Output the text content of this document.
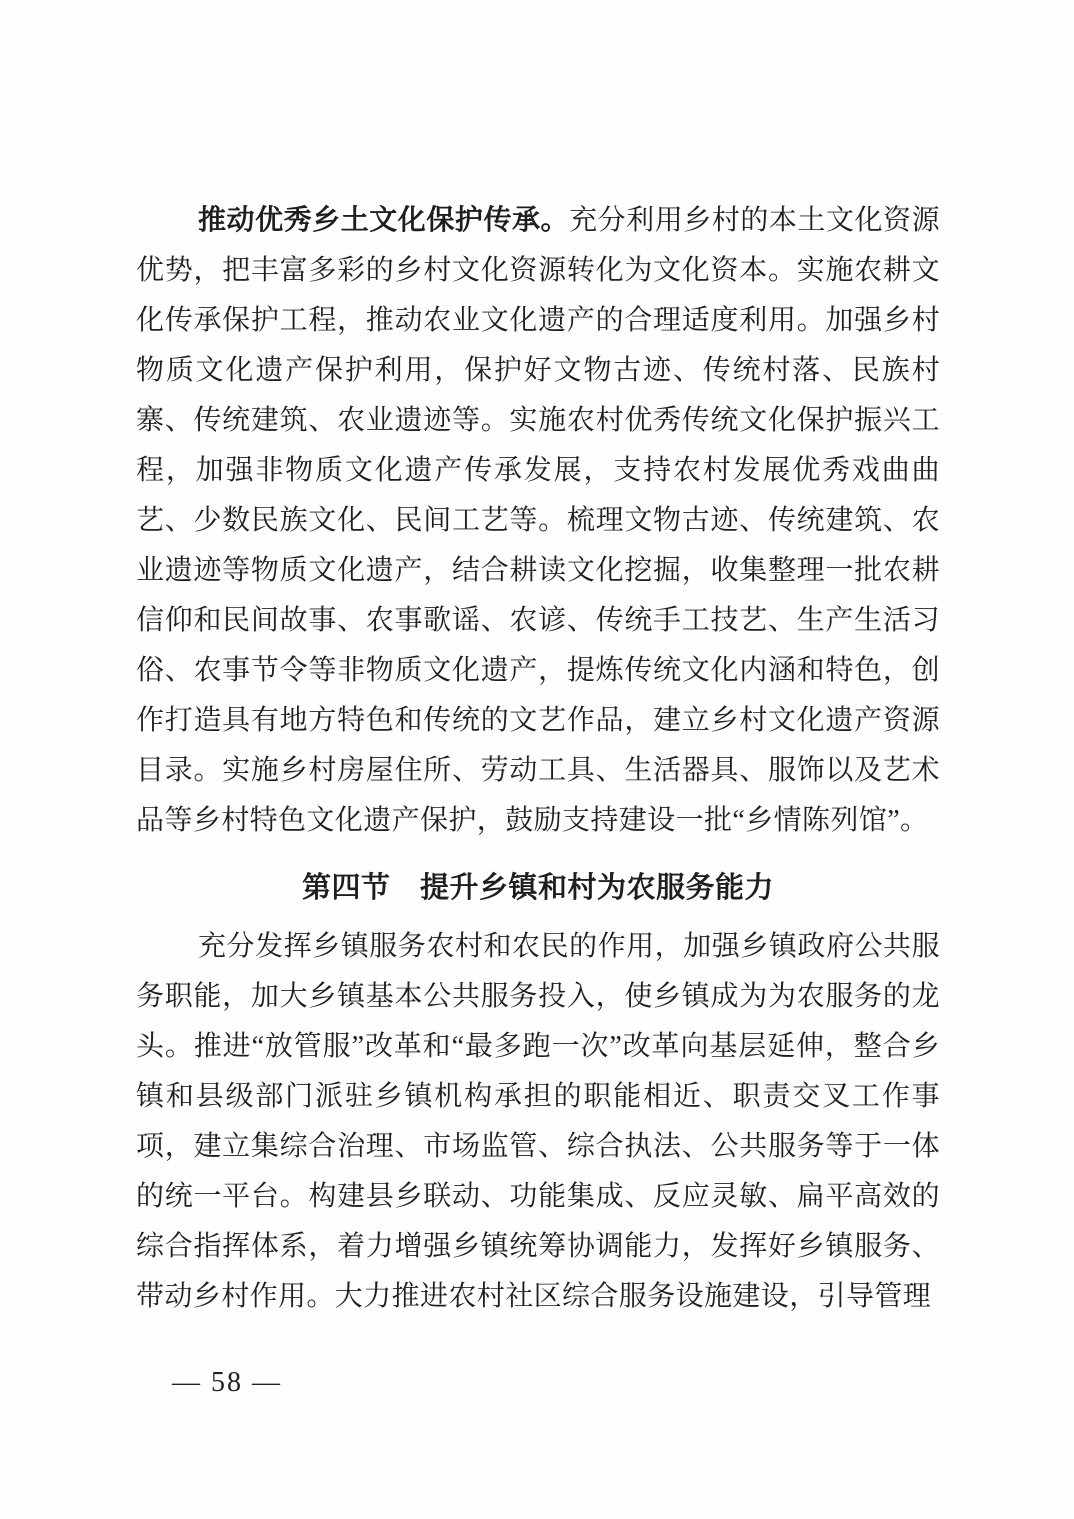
推动优秀乡土文化保护传承。充分利用乡村的本土文化资源优势，把丰富多彩的乡村文化资源转化为文化资本。实施农耕文化传承保护工程，推动农业文化遗产的合理适度利用。加强乡村物质文化遗产保护利用，保护好文物古迹、传统村落、民族村寨、传统建筑、农业遗迹等。实施农村优秀传统文化保护振兴工程，加强非物质文化遗产传承发展，支持农村发展优秀戏曲曲艺、少数民族文化、民间工艺等。梳理文物古迹、传统建筑、农业遗迹等物质文化遗产，结合耕读文化挖掘，收集整理一批农耕信仰和民间故事、农事歌谣、农谚、传统手工技艺、生产生活习俗、农事节令等非物质文化遗产，提炼传统文化内涵和特色，创作打造具有地方特色和传统的文艺作品，建立乡村文化遗产资源目录。实施乡村房屋住所、劳动工具、生活器具、服饰以及艺术品等乡村特色文化遗产保护，鼓励支持建设一批“乡情陈列馆”。

第四节　提升乡镇和村为农服务能力

充分发挥乡镇服务农村和农民的作用，加强乡镇政府公共服务职能，加大乡镇基本公共服务投入，使乡镇成为为农服务的龙头。推进“放管服”改革和“最多跑一次”改革向基层延伸，整合乡镇和县级部门派驻乡镇机构承担的职能相近、职责交叉工作事项，建立集综合治理、市场监管、综合执法、公共服务等于一体的统一平台。构建县乡联动、功能集成、反应灵敏、扁平高效的综合指挥体系，着力增强乡镇统筹协调能力，发挥好乡镇服务、带动乡村作用。大力推进农村社区综合服务设施建设，引导管理

— 58 —
